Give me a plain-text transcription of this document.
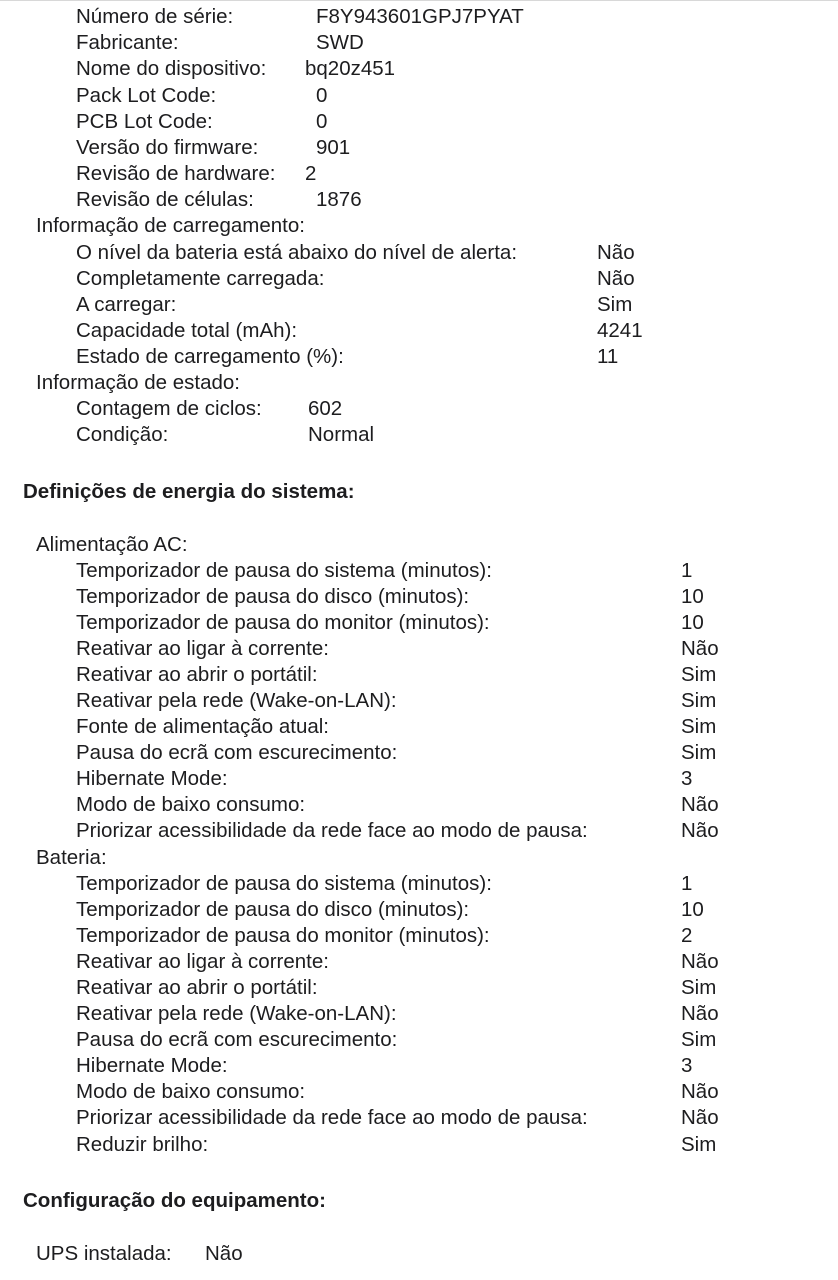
Número de série:	F8Y943601GPJ7PYAT
Fabricante:	SWD
Nome do dispositivo: bq20z451
Pack Lot Code:	0
PCB Lot Code:	0
Versão do firmware:	901
Revisão de hardware: 2
Revisão de células:	1876
Informação de carregamento:
O nível da bateria está abaixo do nível de alerta:	Não
Completamente carregada:	Não
A carregar:	Sim
Capacidade total (mAh):	4241
Estado de carregamento (%):	11
Informação de estado:
Contagem de ciclos: 602
Condição:	Normal
Definições de energia do sistema:
Alimentação AC:
Temporizador de pausa do sistema (minutos):	1
Temporizador de pausa do disco (minutos):	10
Temporizador de pausa do monitor (minutos):	10
Reativar ao ligar à corrente:	Não
Reativar ao abrir o portátil:	Sim
Reativar pela rede (Wake-on-LAN):	Sim
Fonte de alimentação atual:	Sim
Pausa do ecrã com escurecimento:	Sim
Hibernate Mode:	3
Modo de baixo consumo:	Não
Priorizar acessibilidade da rede face ao modo de pausa:	Não
Bateria:
Temporizador de pausa do sistema (minutos):	1
Temporizador de pausa do disco (minutos):	10
Temporizador de pausa do monitor (minutos):	2
Reativar ao ligar à corrente:	Não
Reativar ao abrir o portátil:	Sim
Reativar pela rede (Wake-on-LAN):	Não
Pausa do ecrã com escurecimento:	Sim
Hibernate Mode:	3
Modo de baixo consumo:	Não
Priorizar acessibilidade da rede face ao modo de pausa:	Não
Reduzir brilho:	Sim
Configuração do equipamento:
UPS instalada: Não
